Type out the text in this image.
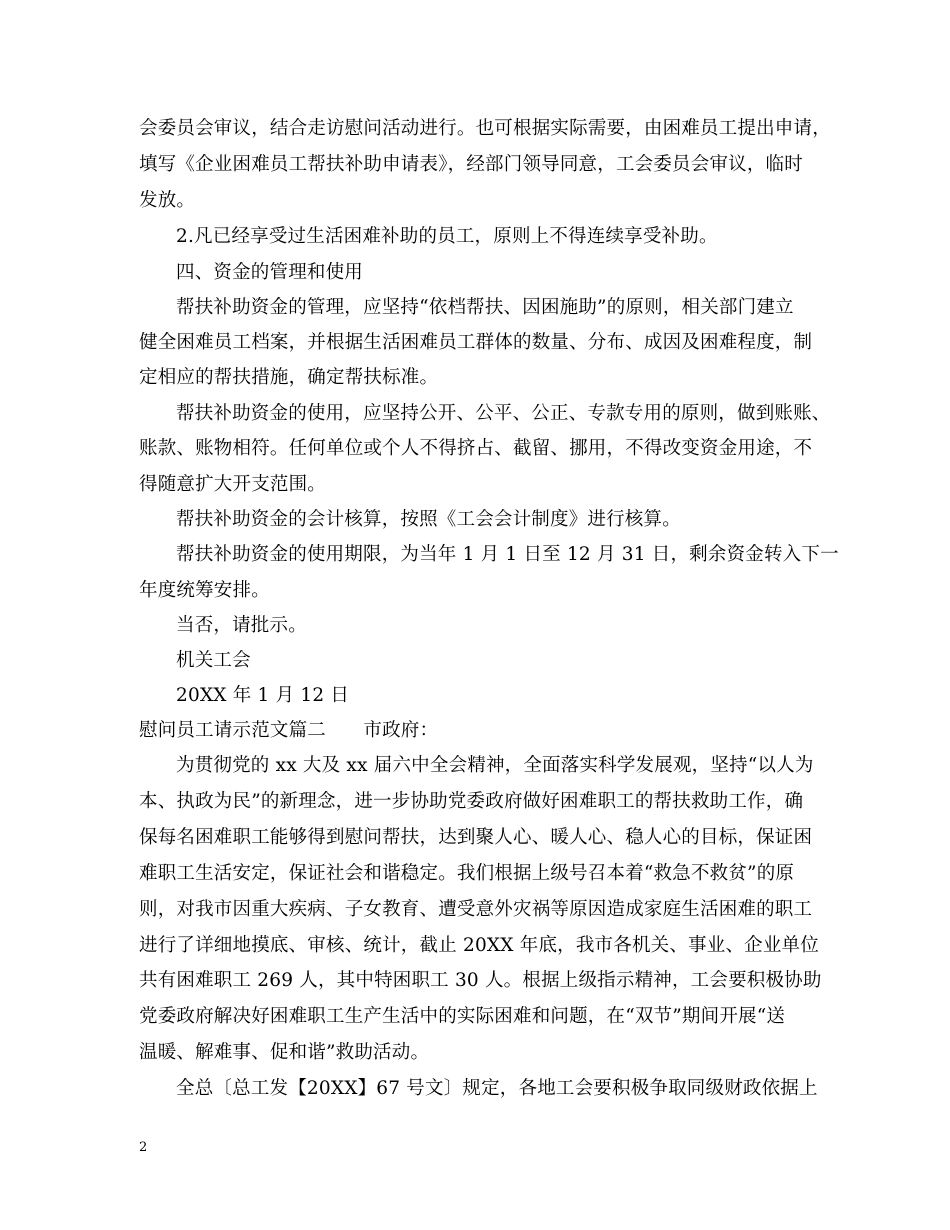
会委员会审议，结合走访慰问活动进行。也可根据实际需要，由困难员工提出申请，
填写《企业困难员工帮扶补助申请表》，经部门领导同意，工会委员会审议，临时
发放。
2.凡已经享受过生活困难补助的员工，原则上不得连续享受补助。
四、资金的管理和使用
帮扶补助资金的管理，应坚持“依档帮扶、因困施助”的原则，相关部门建立
健全困难员工档案，并根据生活困难员工群体的数量、分布、成因及困难程度，制
定相应的帮扶措施，确定帮扶标准。
帮扶补助资金的使用，应坚持公开、公平、公正、专款专用的原则，做到账账、
账款、账物相符。任何单位或个人不得挤占、截留、挪用，不得改变资金用途，不
得随意扩大开支范围。
帮扶补助资金的会计核算，按照《工会会计制度》进行核算。
帮扶补助资金的使用期限，为当年 1 月 1 日至 12 月 31 日，剩余资金转入下一
年度统筹安排。
当否，请批示。
机关工会
20XX 年 1 月 12 日
慰问员工请示范文篇二　　市政府：
为贯彻党的 xx 大及 xx 届六中全会精神，全面落实科学发展观，坚持“以人为
本、执政为民”的新理念，进一步协助党委政府做好困难职工的帮扶救助工作，确
保每名困难职工能够得到慰问帮扶，达到聚人心、暖人心、稳人心的目标，保证困
难职工生活安定，保证社会和谐稳定。我们根据上级号召本着“救急不救贫”的原
则，对我市因重大疾病、子女教育、遭受意外灾祸等原因造成家庭生活困难的职工
进行了详细地摸底、审核、统计，截止 20XX 年底，我市各机关、事业、企业单位
共有困难职工 269 人，其中特困职工 30 人。根据上级指示精神，工会要积极协助
党委政府解决好困难职工生产生活中的实际困难和问题，在“双节”期间开展“送
温暖、解难事、促和谐”救助活动。
全总〔总工发【20XX】67 号文〕规定，各地工会要积极争取同级财政依据上
2
